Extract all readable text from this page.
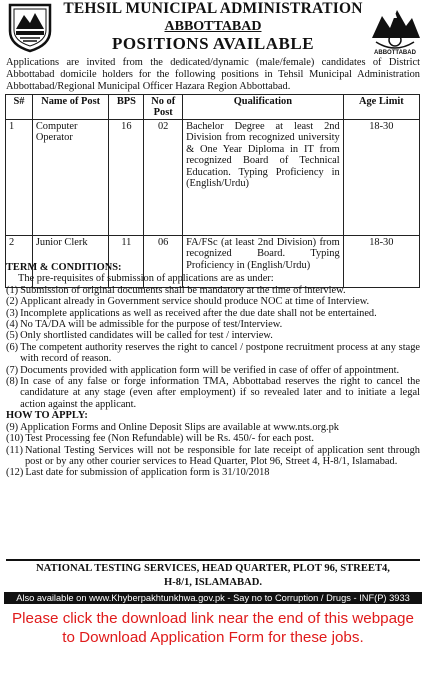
TEHSIL MUNICIPAL ADMINISTRATION
ABBOTTABAD
POSITIONS AVAILABLE	ABBOTTABAD
Applications are invited from the dedicated/dynamic (male/female) candidates of District Abbottabad domicile holders for the following positions in Tehsil Municipal Administration Abbottabad/Regional Municipal Officer Hazara Region Abbottabad.
S#	Name of Post	BPS	No of Post	Qualification	Age Limit
1	Computer Operator	16	02	Bachelor Degree at least 2nd Division from recognized university & One Year Diploma in IT from recognized Board of Technical Education. Typing Proficiency in (English/Urdu)	18-30
2	Junior Clerk	11	06	FA/FSc (at least 2nd Division) from recognized Board. Typing Proficiency in (English/Urdu)	18-30
TERM & CONDITIONS:
The pre-requisites of submission of applications are as under:
(1) Submission of original documents shall be mandatory at the time of interview.
(2) Applicant already in Government service should produce NOC at time of Interview.
(3) Incomplete applications as well as received after the due date shall not be entertained.
(4) No TA/DA will be admissible for the purpose of test/Interview.
(5) Only shortlisted candidates will be called for test / interview.
(6) The competent authority reserves the right to cancel / postpone recruitment process at any stage with record of reason.
(7) Documents provided with application form will be verified in case of offer of appointment.
(8) In case of any false or forge information TMA, Abbottabad reserves the right to cancel the candidature at any stage (even after employment) if so revealed later and to initiate a legal action against the applicant.
HOW TO APPLY:
(9) Application Forms and Online Deposit Slips are available at www.nts.org.pk
(10) Test Processing fee (Non Refundable) will be Rs. 450/- for each post.
(11) National Testing Services will not be responsible for late receipt of application sent through post or by any other courier services to Head Quarter, Plot 96, Street 4, H-8/1, Islamabad.
(12) Last date for submission of application form is 31/10/2018
NATIONAL TESTING SERVICES, HEAD QUARTER, PLOT 96, STREET4,
H-8/1, ISLAMABAD.
Also available on www.Khyberpakhtunkhwa.gov.pk - Say no to Corruption / Drugs - INF(P) 3933
Please click the download link near the end of this webpage to Download Application Form for these jobs.
